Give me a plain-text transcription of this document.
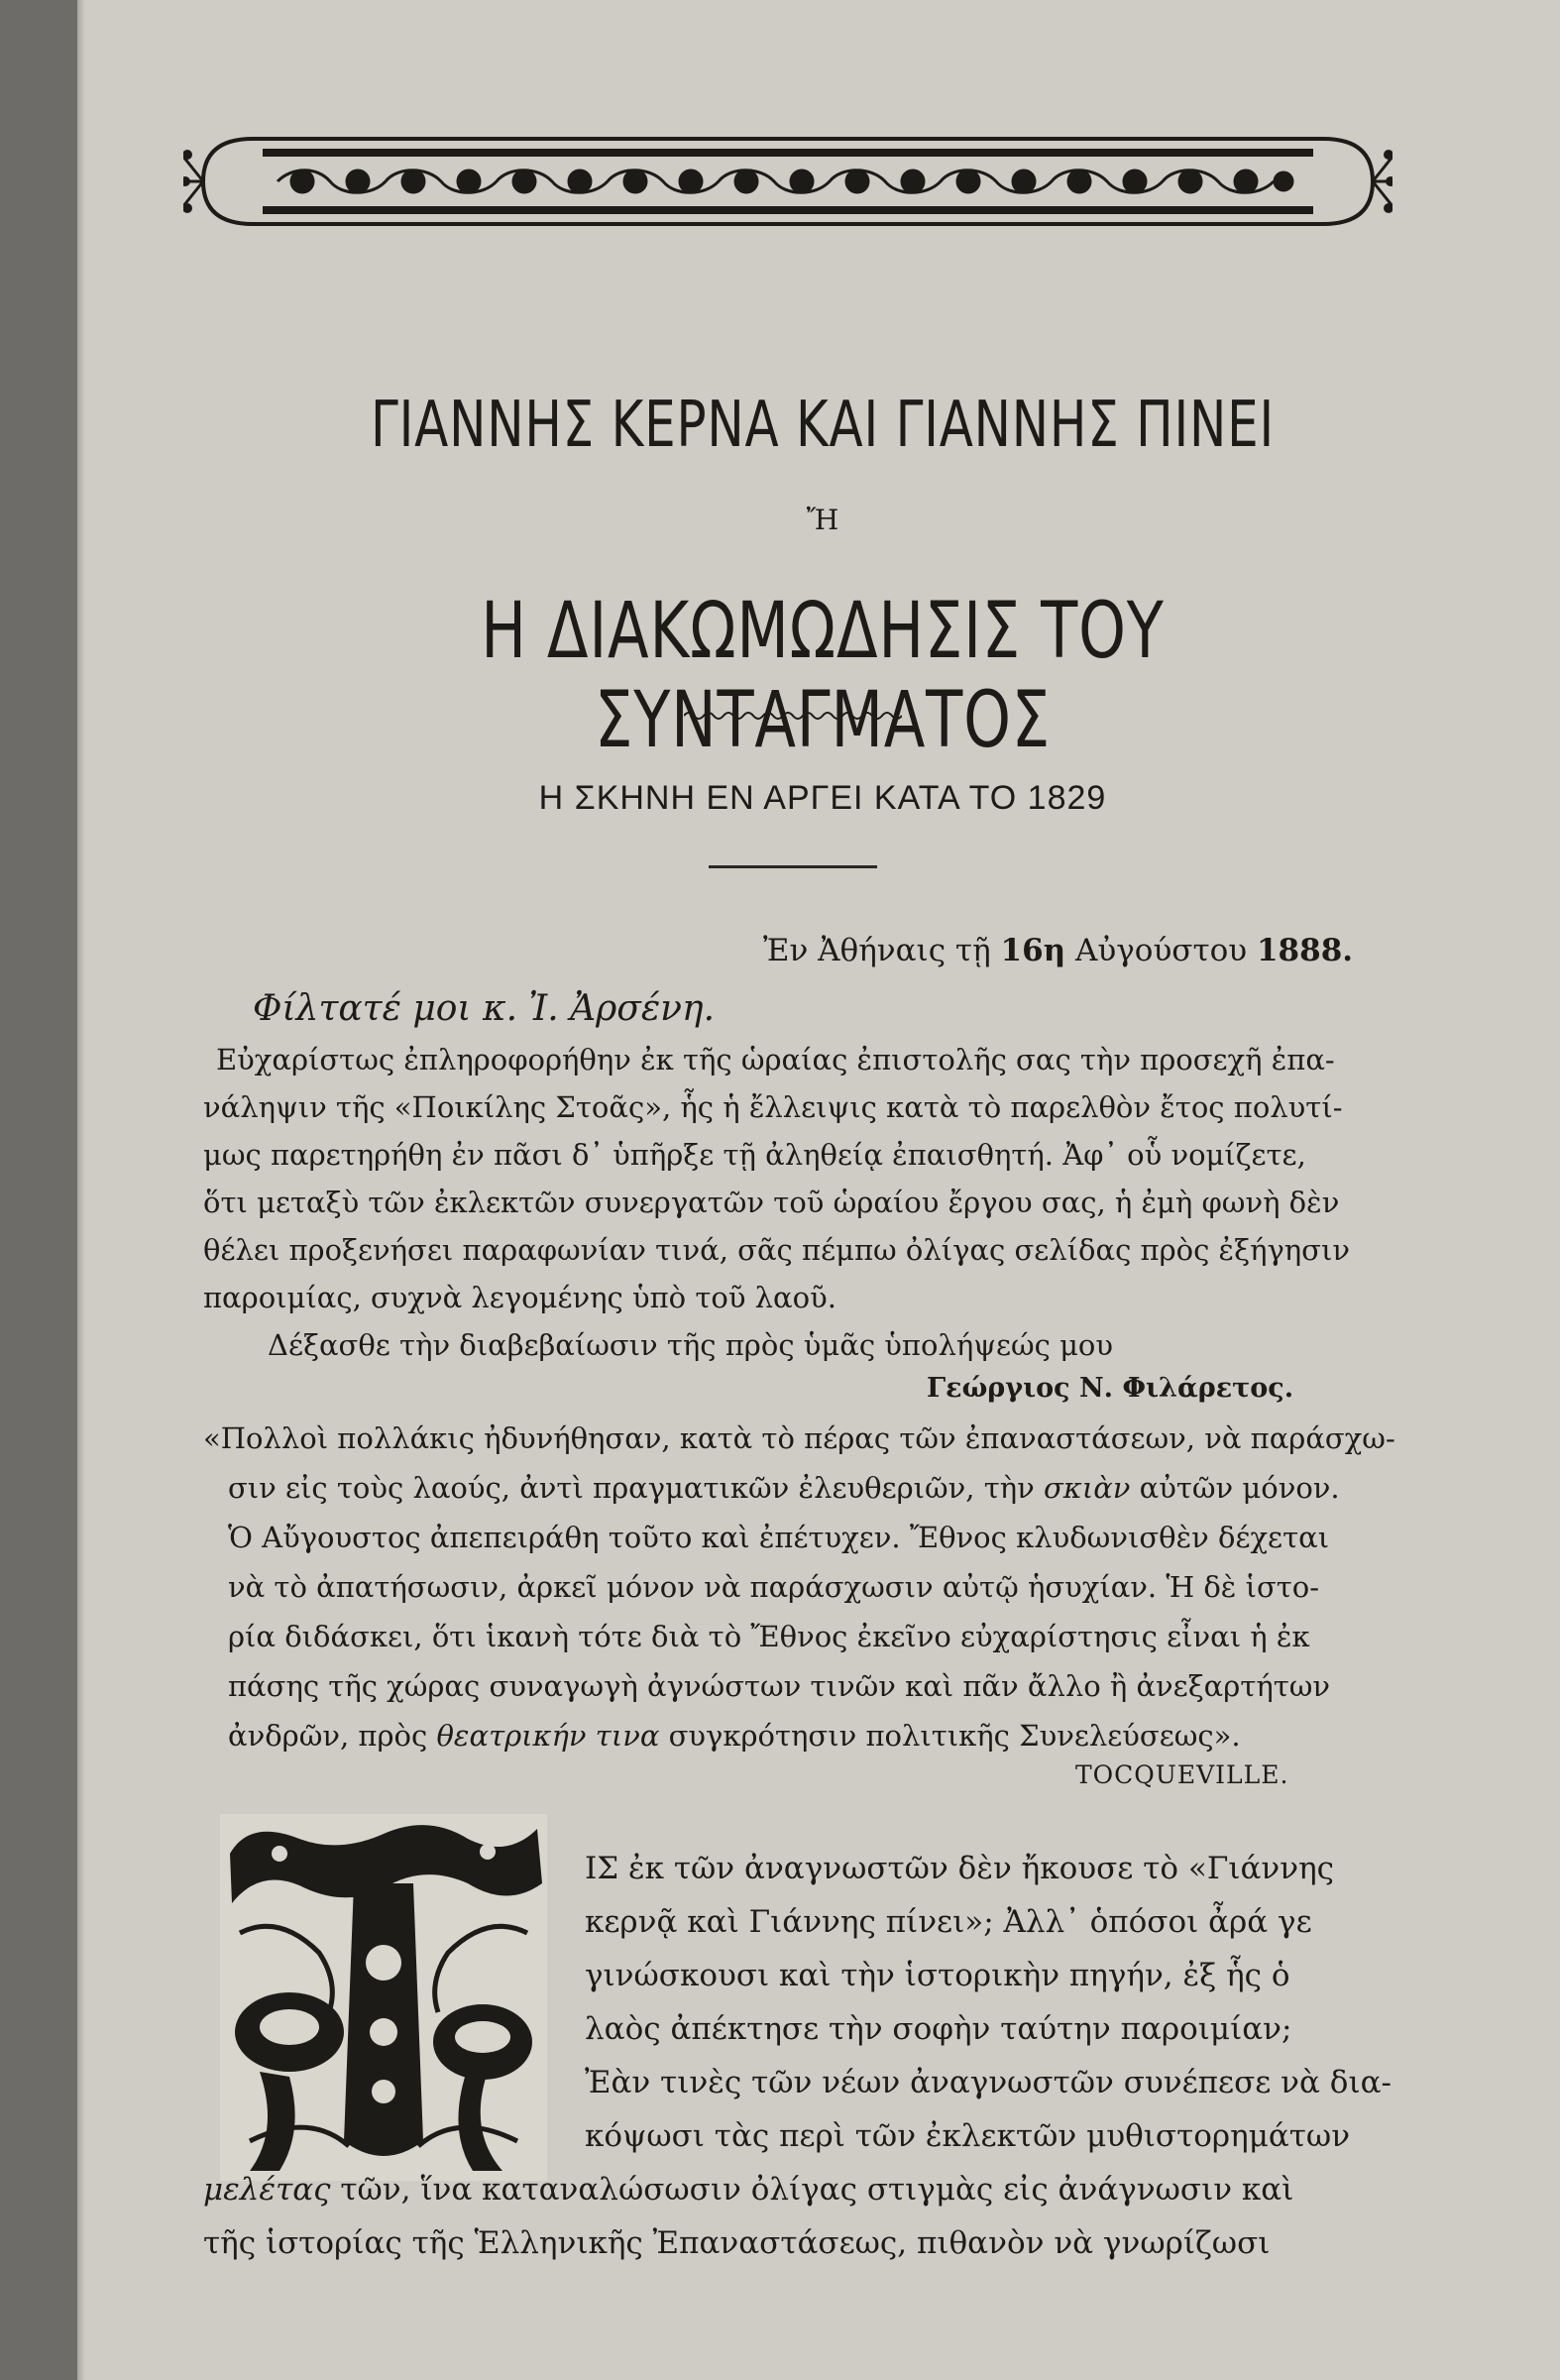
ΓΙΑΝΝΗΣ ΚΕΡΝΑ ΚΑΙ ΓΙΑΝΝΗΣ ΠΙΝΕΙ
Ἤ
Η ΔΙΑΚΩΜΩΔΗΣΙΣ ΤΟΥ ΣΥΝΤΑΓΜΑΤΟΣ
Η ΣΚΗΝΗ ΕΝ ΑΡΓΕΙ ΚΑΤΑ ΤΟ 1829
Ἐν Ἀθήναις τῇ 16η Αὐγούστου 1888.
Φίλτατέ μοι κ. Ἰ. Ἀρσένη.
Εὐχαρίστως ἐπληροφορήθην ἐκ τῆς ὡραίας ἐπιστολῆς σας τὴν προσεχῆ ἐπα-
νάληψιν τῆς «Ποικίλης Στοᾶς», ἧς ἡ ἔλλειψις κατὰ τὸ παρελθὸν ἔτος πολυτί-
μως παρετηρήθη ἐν πᾶσι δ᾽ ὑπῆρξε τῇ ἀληθείᾳ ἐπαισθητή. Ἀφ᾽ οὗ νομίζετε,
ὅτι μεταξὺ τῶν ἐκλεκτῶν συνεργατῶν τοῦ ὡραίου ἔργου σας, ἡ ἐμὴ φωνὴ δὲν
θέλει προξενήσει παραφωνίαν τινά, σᾶς πέμπω ὀλίγας σελίδας πρὸς ἐξήγησιν
παροιμίας, συχνὰ λεγομένης ὑπὸ τοῦ λαοῦ.
Δέξασθε τὴν διαβεβαίωσιν τῆς πρὸς ὑμᾶς ὑπολήψεώς μου
Γεώργιος Ν. Φιλάρετος.
«Πολλοὶ πολλάκις ἠδυνήθησαν, κατὰ τὸ πέρας τῶν ἐπαναστάσεων, νὰ παράσχω-
σιν εἰς τοὺς λαούς, ἀντὶ πραγματικῶν ἐλευθεριῶν, τὴν σκιὰν αὐτῶν μόνον.
Ὁ Αὔγουστος ἀπεπειράθη τοῦτο καὶ ἐπέτυχεν. Ἔθνος κλυδωνισθὲν δέχεται
νὰ τὸ ἀπατήσωσιν, ἀρκεῖ μόνον νὰ παράσχωσιν αὐτῷ ἡσυχίαν. Ἡ δὲ ἱστο-
ρία διδάσκει, ὅτι ἱκανὴ τότε διὰ τὸ Ἔθνος ἐκεῖνο εὐχαρίστησις εἶναι ἡ ἐκ
πάσης τῆς χώρας συναγωγὴ ἀγνώστων τινῶν καὶ πᾶν ἄλλο ἢ ἀνεξαρτήτων
ἀνδρῶν, πρὸς θεατρικήν τινα συγκρότησιν πολιτικῆς Συνελεύσεως».
TOCQUEVILLE.
ΙΣ ἐκ τῶν ἀναγνωστῶν δὲν ἤκουσε τὸ «Γιάννης
κερνᾷ καὶ Γιάννης πίνει»; Ἀλλ᾽ ὁπόσοι ἆρά γε
γινώσκουσι καὶ τὴν ἱστορικὴν πηγήν, ἐξ ἧς ὁ
λαὸς ἀπέκτησε τὴν σοφὴν ταύτην παροιμίαν;
Ἐὰν τινὲς τῶν νέων ἀναγνωστῶν συνέπεσε νὰ δια-
κόψωσι τὰς περὶ τῶν ἐκλεκτῶν μυθιστορημάτων
μελέτας τῶν, ἵνα καταναλώσωσιν ὀλίγας στιγμὰς εἰς ἀνάγνωσιν καὶ
τῆς ἱστορίας τῆς Ἑλληνικῆς Ἐπαναστάσεως, πιθανὸν νὰ γνωρίζωσι
